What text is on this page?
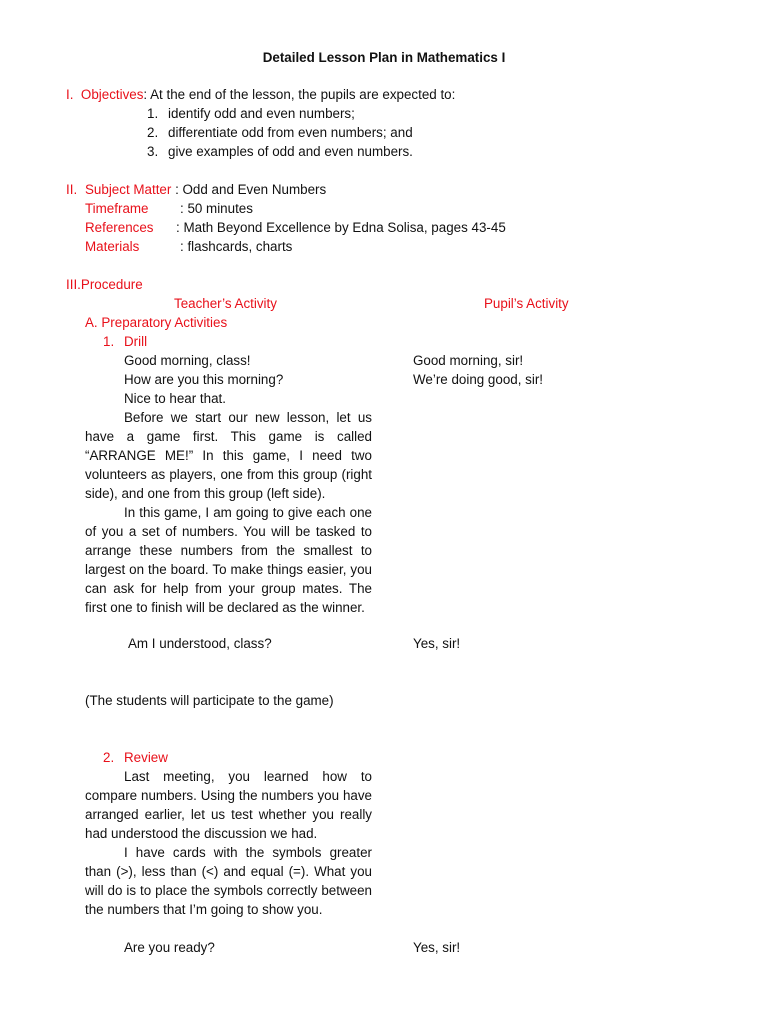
Detailed Lesson Plan in Mathematics I
I. Objectives: At the end of the lesson, the pupils are expected to:
1. identify odd and even numbers;
2. differentiate odd from even numbers; and
3. give examples of odd and even numbers.
II. Subject Matter : Odd and Even Numbers
Timeframe : 50 minutes
References : Math Beyond Excellence by Edna Solisa, pages 43-45
Materials	: flashcards, charts
III.Procedure
Teacher’s Activity	Pupil’s Activity
A. Preparatory Activities
1. Drill
Good morning, class!	Good morning, sir!
How are you this morning?	We’re doing good, sir!
Nice to hear that.
Before we start our new lesson, let us have a game first. This game is called “ARRANGE ME!” In this game, I need two volunteers as players, one from this group (right side), and one from this group (left side).
In this game, I am going to give each one of you a set of numbers. You will be tasked to arrange these numbers from the smallest to largest on the board. To make things easier, you can ask for help from your group mates. The first one to finish will be declared as the winner.
Am I understood, class?	Yes, sir!
(The students will participate to the game)
2. Review
Last meeting, you learned how to compare numbers. Using the numbers you have arranged earlier, let us test whether you really had understood the discussion we had.
I have cards with the symbols greater than (>), less than (<) and equal (=). What you will do is to place the symbols correctly between the numbers that I’m going to show you.
Are you ready?	Yes, sir!
